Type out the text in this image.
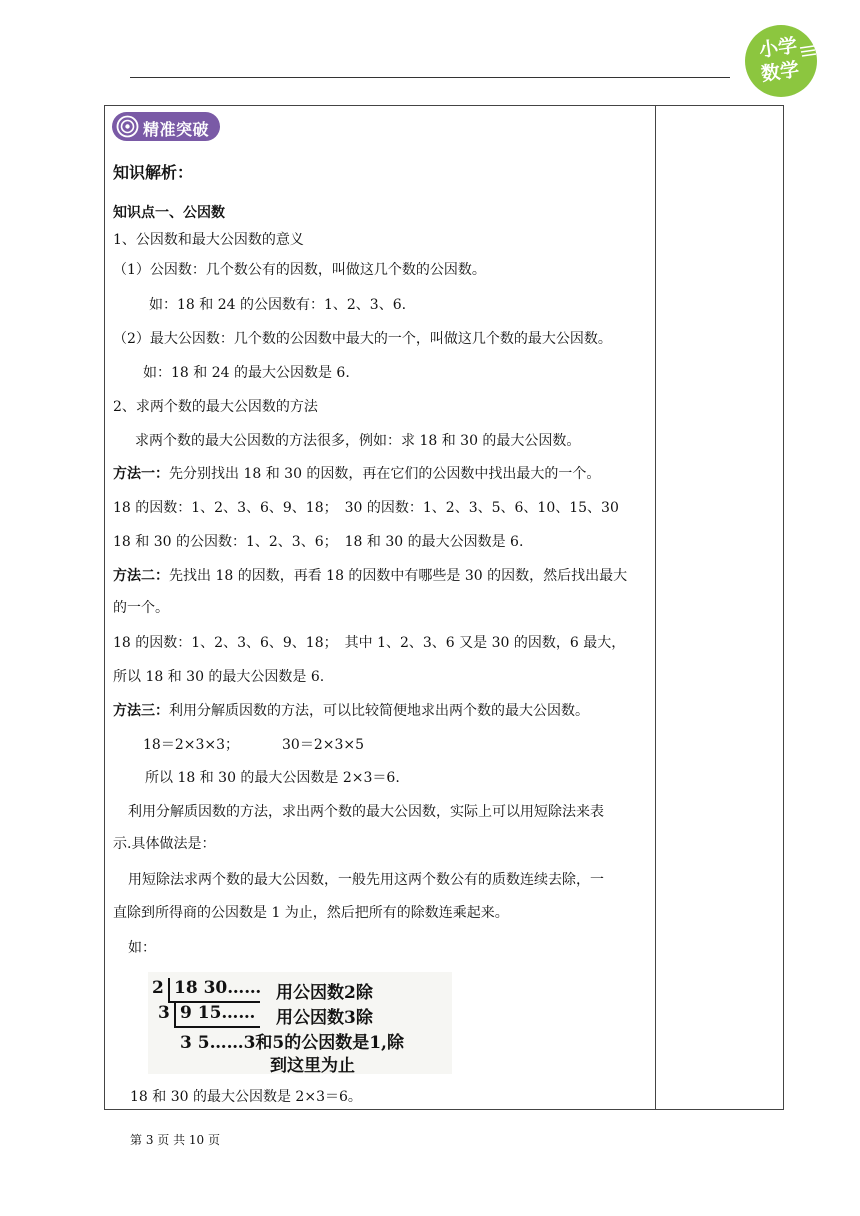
小学
数学
精准突破
知识解析：
知识点一、公因数
1、公因数和最大公因数的意义
（1）公因数：几个数公有的因数，叫做这几个数的公因数。
如：18 和 24 的公因数有：1、2、3、6.
（2）最大公因数：几个数的公因数中最大的一个，叫做这几个数的最大公因数。
如：18 和 24 的最大公因数是 6.
2、求两个数的最大公因数的方法
求两个数的最大公因数的方法很多，例如：求 18 和 30 的最大公因数。
方法一：先分别找出 18 和 30 的因数，再在它们的公因数中找出最大的一个。
18 的因数：1、2、3、6、9、18；　30 的因数：1、2、3、5、6、10、15、30
18 和 30 的公因数：1、2、3、6；　18 和 30 的最大公因数是 6.
方法二：先找出 18 的因数，再看 18 的因数中有哪些是 30 的因数，然后找出最大
的一个。
18 的因数：1、2、3、6、9、18；　其中 1、2、3、6 又是 30 的因数，6 最大，
所以 18 和 30 的最大公因数是 6.
方法三：利用分解质因数的方法，可以比较简便地求出两个数的最大公因数。
18＝2×3×3；	30＝2×3×5
所以 18 和 30 的最大公因数是 2×3＝6.
利用分解质因数的方法，求出两个数的最大公因数，实际上可以用短除法来表
示.具体做法是：
用短除法求两个数的最大公因数，一般先用这两个数公有的质数连续去除，一
直除到所得商的公因数是 1 为止，然后把所有的除数连乘起来。
如：
2 18 30…… 用公因数2除
3 9 15…… 用公因数3除
3 5……3和5的公因数是1,除
到这里为止
18 和 30 的最大公因数是 2×3＝6。
第 3 页 共 10 页
